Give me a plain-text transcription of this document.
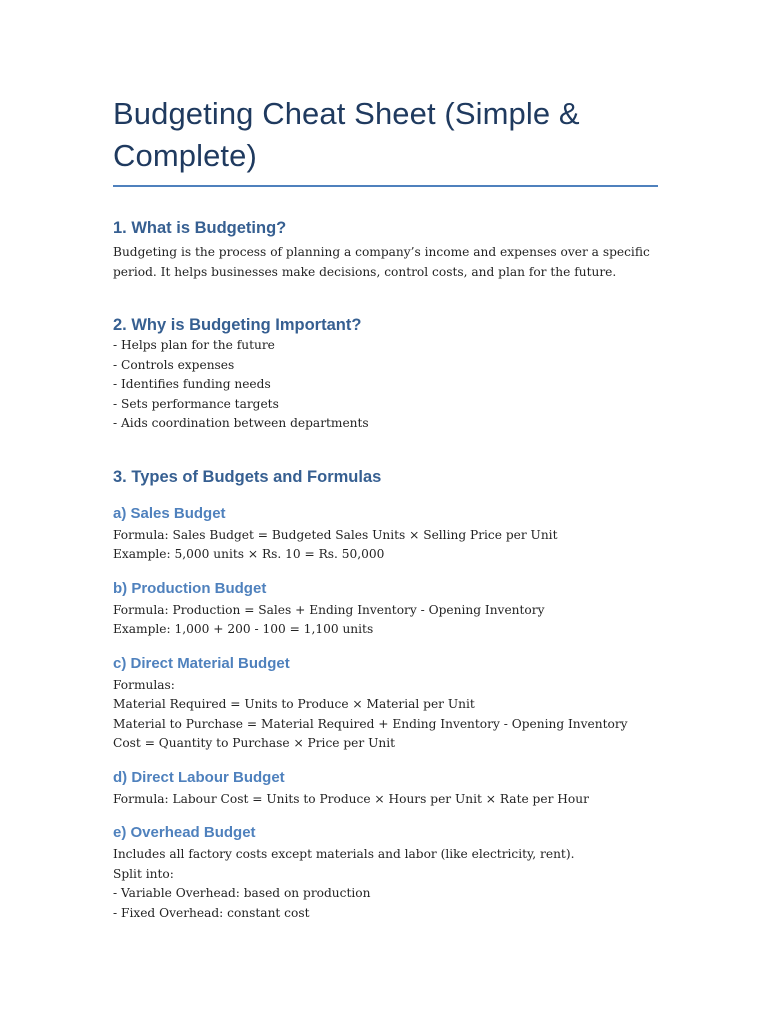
Budgeting Cheat Sheet (Simple & Complete)
1. What is Budgeting?

Budgeting is the process of planning a company’s income and expenses over a specific

period. It helps businesses make decisions, control costs, and plan for the future.

2. Why is Budgeting Important?

- Helps plan for the future

- Controls expenses

- Identifies funding needs

- Sets performance targets

- Aids coordination between departments

3. Types of Budgets and Formulas
a) Sales Budget

Formula: Sales Budget = Budgeted Sales Units × Selling Price per Unit

Example: 5,000 units × Rs. 10 = Rs. 50,000

b) Production Budget

Formula: Production = Sales + Ending Inventory - Opening Inventory

Example: 1,000 + 200 - 100 = 1,100 units

c) Direct Material Budget

Formulas:

Material Required = Units to Produce × Material per Unit

Material to Purchase = Material Required + Ending Inventory - Opening Inventory

Cost = Quantity to Purchase × Price per Unit

d) Direct Labour Budget

Formula: Labour Cost = Units to Produce × Hours per Unit × Rate per Hour

e) Overhead Budget

Includes all factory costs except materials and labor (like electricity, rent).

Split into:

- Variable Overhead: based on production

- Fixed Overhead: constant cost
